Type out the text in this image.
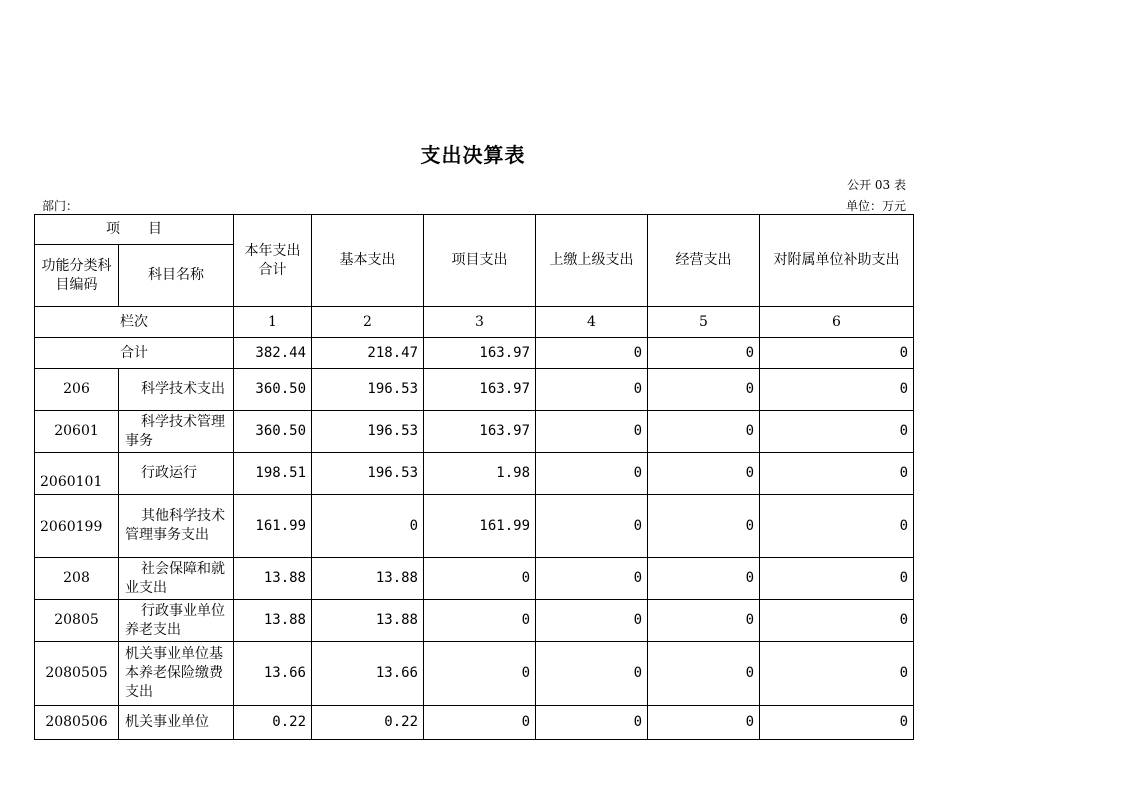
支出决算表
公开 03 表
部门：	单位：万元
项　　目		本年支出合计	基本支出	项目支出	上缴上级支出	经营支出	对附属单位补助支出
功能分类科目编码	科目名称						
栏次		1	2	3	4	5	6
合计		382.44	218.47	163.97	0	0	0
206	科学技术支出	360.50	196.53	163.97	0	0	0
20601	科学技术管理事务	360.50	196.53	163.97	0	0	0
2060101	行政运行	198.51	196.53	1.98	0	0	0
2060199	其他科学技术管理事务支出	161.99	0	161.99	0	0	0
208	社会保障和就业支出	13.88	13.88	0	0	0	0
20805	行政事业单位养老支出	13.88	13.88	0	0	0	0
2080505	机关事业单位基本养老保险缴费支出	13.66	13.66	0	0	0	0
2080506	机关事业单位	0.22	0.22	0	0	0	0
